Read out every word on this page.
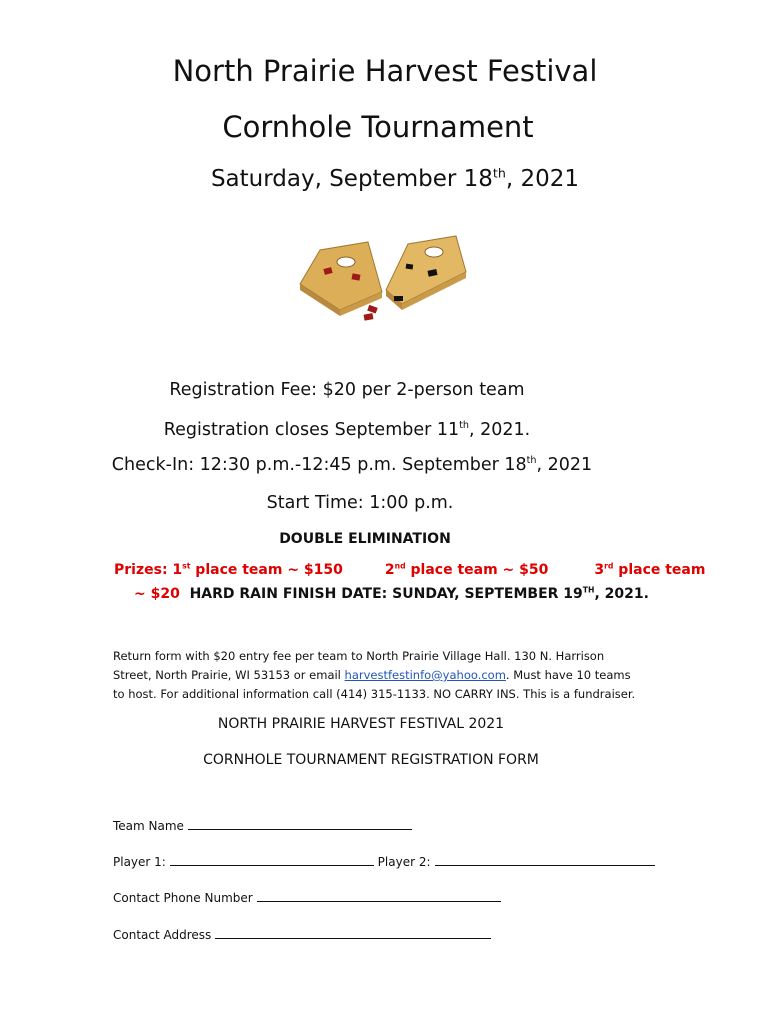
North Prairie Harvest Festival
Cornhole Tournament
Saturday, September 18th, 2021
Registration Fee: $20 per 2-person team
Registration closes September 11th, 2021.
Check-In: 12:30 p.m.-12:45 p.m. September 18th, 2021
Start Time: 1:00 p.m.
DOUBLE ELIMINATION
Prizes: 1st place team ~ $150	2nd place team ~ $50	3rd place team
~ $20 HARD RAIN FINISH DATE: SUNDAY, SEPTEMBER 19TH, 2021.
Return form with $20 entry fee per team to North Prairie Village Hall. 130 N. Harrison
Street, North Prairie, WI 53153 or email harvestfestinfo@yahoo.com. Must have 10 teams
to host. For additional information call (414) 315-1133. NO CARRY INS. This is a fundraiser.
NORTH PRAIRIE HARVEST FESTIVAL 2021
CORNHOLE TOURNAMENT REGISTRATION FORM
Team Name
Player 1:	Player 2:
Contact Phone Number
Contact Address
